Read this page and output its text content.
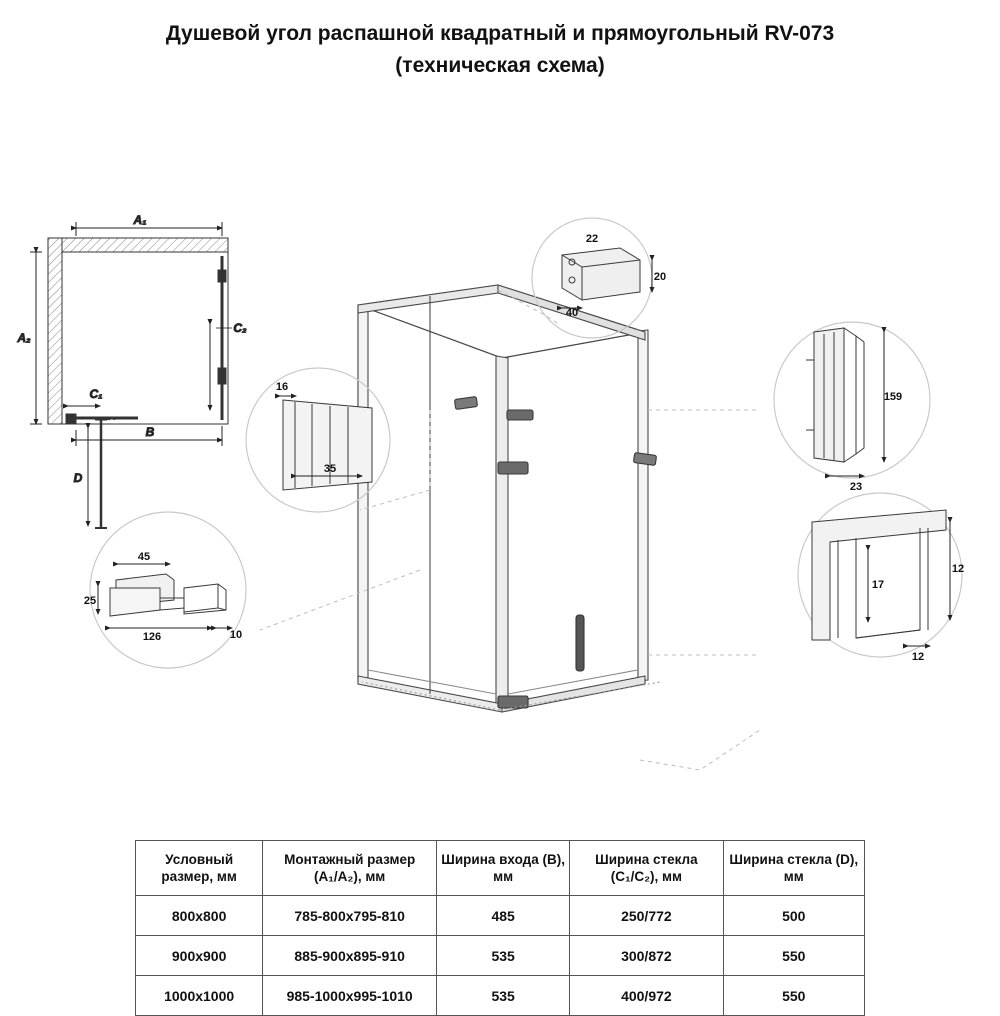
Душевой угол распашной квадратный и прямоугольный RV-073
(техническая схема)
A₁
A₂
C₂
C₁
B
D
40
20
22
16
35
159
23
17
12
12
45
25
126	10
Условный размер, мм	Монтажный размер (A₁/A₂), мм	Ширина входа (B), мм	Ширина стекла (C₁/C₂), мм	Ширина стекла (D), мм
800x800	785-800x795-810	485	250/772	500
900x900	885-900x895-910	535	300/872	550
1000x1000	985-1000x995-1010	535	400/972	550
